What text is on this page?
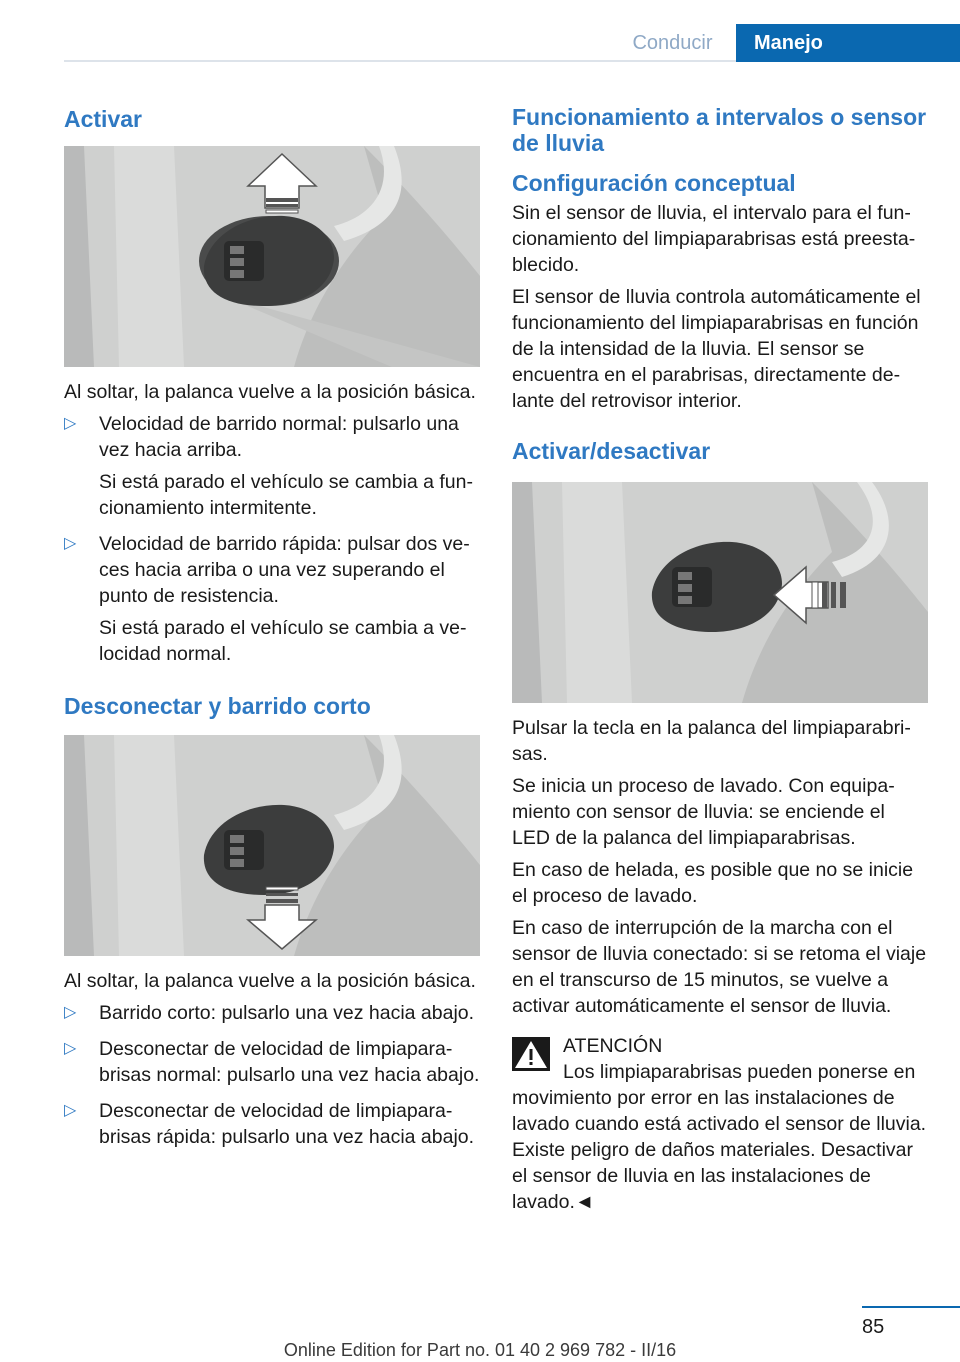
Conducir	Manejo
Activar

Al soltar, la palanca vuelve a la posición básica.

▷ Velocidad de barrido normal: pulsarlo una vez hacia arriba.

Si está parado el vehículo se cambia a funcionamiento intermitente.

▷ Velocidad de barrido rápida: pulsar dos veces hacia arriba o una vez superando el punto de resistencia.

Si está parado el vehículo se cambia a velocidad normal.

Desconectar y barrido corto

Al soltar, la palanca vuelve a la posición básica.

▷ Barrido corto: pulsarlo una vez hacia abajo.

▷ Desconectar de velocidad de limpiaparabrisas normal: pulsarlo una vez hacia abajo.

▷ Desconectar de velocidad de limpiaparabrisas rápida: pulsarlo una vez hacia abajo.

Funcionamiento a intervalos o sensor de lluvia
Configuración conceptual

Sin el sensor de lluvia, el intervalo para el funcionamiento del limpiaparabrisas está preestablecido.

El sensor de lluvia controla automáticamente el funcionamiento del limpiaparabrisas en función de la intensidad de la lluvia. El sensor se encuentra en el parabrisas, directamente delante del retrovisor interior.

Activar/desactivar

Pulsar la tecla en la palanca del limpiaparabrisas.

Se inicia un proceso de lavado. Con equipamiento con sensor de lluvia: se enciende el LED de la palanca del limpiaparabrisas.

En caso de helada, es posible que no se inicie el proceso de lavado.

En caso de interrupción de la marcha con el sensor de lluvia conectado: si se retoma el viaje en el transcurso de 15 minutos, se vuelve a activar automáticamente el sensor de lluvia.

ATENCIÓN

Los limpiaparabrisas pueden ponerse en movimiento por error en las instalaciones de lavado cuando está activado el sensor de lluvia. Existe peligro de daños materiales. Desactivar el sensor de lluvia en las instalaciones de lavado.◄

85
Online Edition for Part no. 01 40 2 969 782 - II/16
